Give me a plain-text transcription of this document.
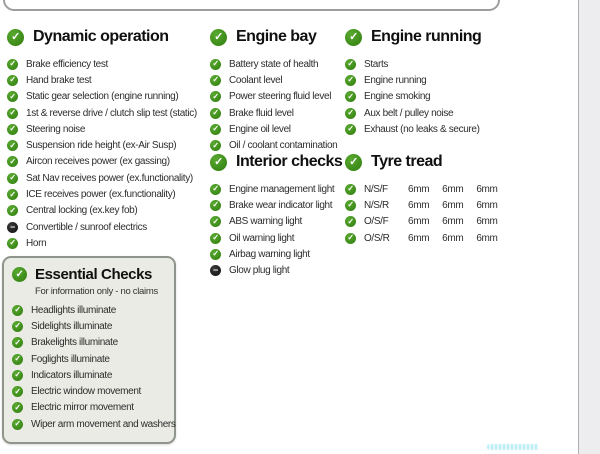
✓
Dynamic operation
✓
Brake efficiency test
✓
Hand brake test
✓
Static gear selection (engine running)
✓
1st & reverse drive / clutch slip test (static)
✓
Steering noise
✓
Suspension ride height (ex-Air Susp)
✓
Aircon receives power (ex gassing)
✓
Sat Nav receives power (ex.functionality)
✓
ICE receives power (ex.functionality)
✓
Central locking (ex.key fob)
−
Convertible / sunroof electrics
✓
Horn
✓
Engine bay
✓
Battery state of health
✓
Coolant level
✓
Power steering fluid level
✓
Brake fluid level
✓
Engine oil level
✓
Oil / coolant contamination
✓
Interior checks
✓
Engine management light
✓
Brake wear indicator light
✓
ABS warning light
✓
Oil warning light
✓
Airbag warning light
−
Glow plug light
✓
Engine running
✓
Starts
✓
Engine running
✓
Engine smoking
✓
Aux belt / pulley noise
✓
Exhaust (no leaks & secure)
✓
Tyre tread
✓
N/S/F	6mm 6mm 6mm
✓
N/S/R	6mm 6mm 6mm
✓
O/S/F	6mm 6mm 6mm
✓
O/S/R	6mm 6mm 6mm
✓
Essential Checks
For information only - no claims
✓
Headlights illuminate
✓
Sidelights illuminate
✓
Brakelights illuminate
✓
Foglights illuminate
✓
Indicators illuminate
✓
Electric window movement
✓
Electric mirror movement
✓
Wiper arm movement and washers
